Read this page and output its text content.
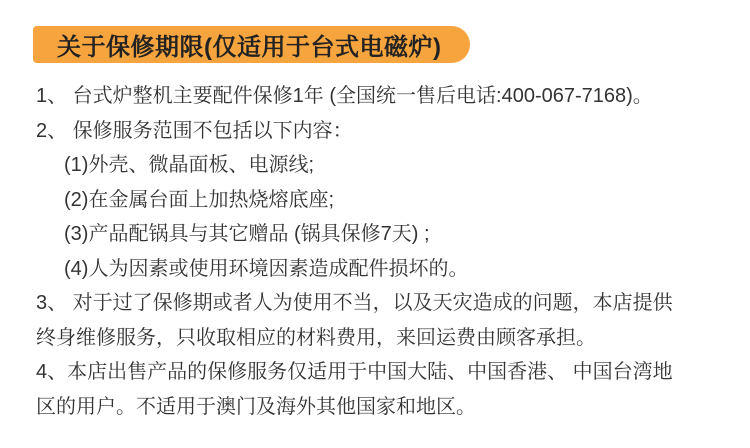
关于保修期限(仅适用于台式电磁炉)
1、 台式炉整机主要配件保修1年 (全国统一售后电话:400-067-7168)。
2、 保修服务范围不包括以下内容：
(1)外壳、微晶面板、电源线;
(2)在金属台面上加热烧熔底座;
(3)产品配锅具与其它赠品 (锅具保修7天) ;
(4)人为因素或使用环境因素造成配件损坏的。
3、 对于过了保修期或者人为使用不当，以及天灾造成的问题，本店提供
终身维修服务，只收取相应的材料费用，来回运费由顾客承担。
4、本店出售产品的保修服务仅适用于中国大陆、中国香港、 中国台湾地
区的用户。不适用于澳门及海外其他国家和地区。
